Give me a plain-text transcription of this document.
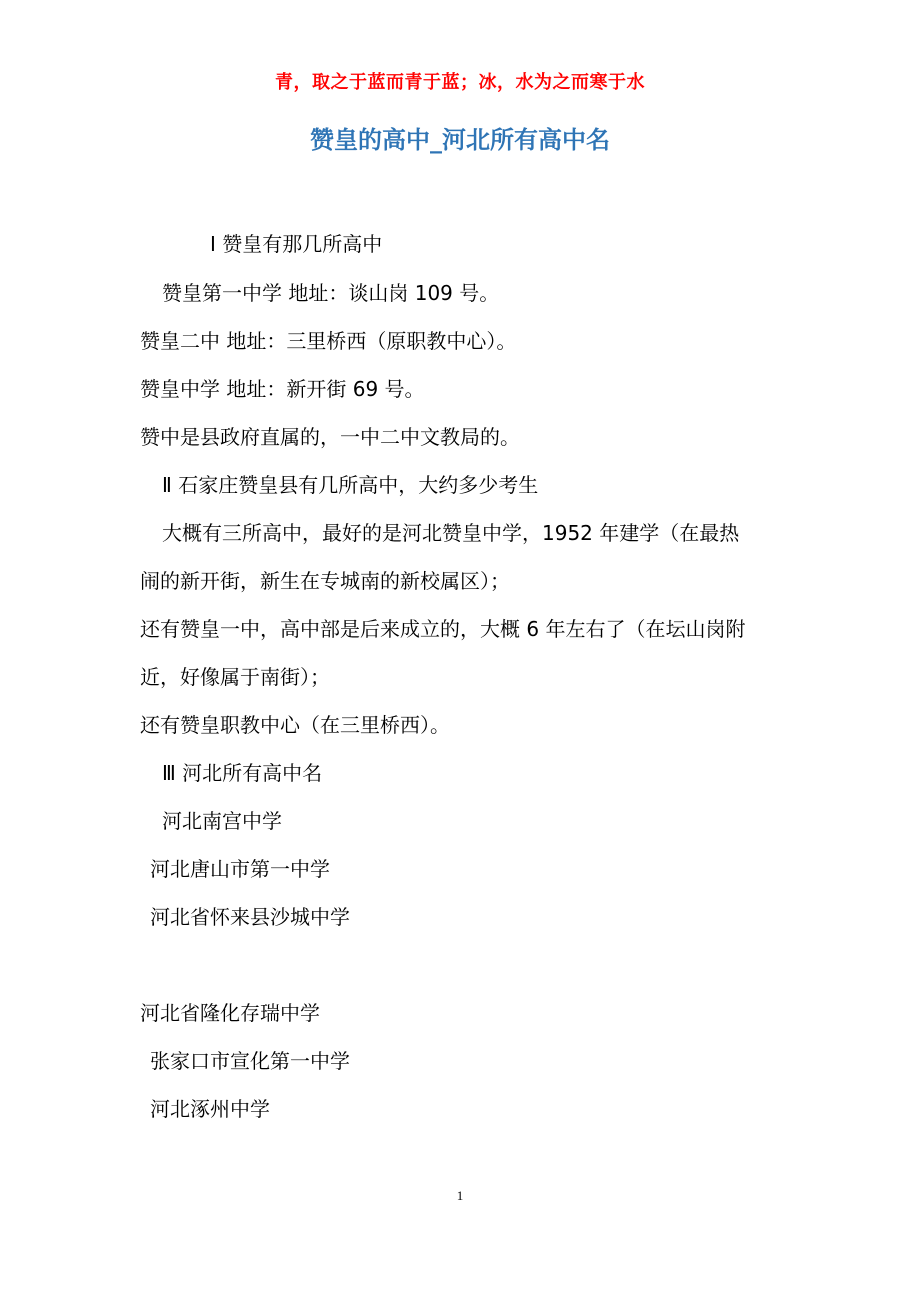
青，取之于蓝而青于蓝；冰，水为之而寒于水
赞皇的高中_河北所有高中名

Ⅰ 赞皇有那几所高中

赞皇第一中学 地址：谈山岗 109 号。

赞皇二中 地址：三里桥西（原职教中心）。

赞皇中学 地址：新开街 69 号。

赞中是县政府直属的，一中二中文教局的。

Ⅱ 石家庄赞皇县有几所高中，大约多少考生

大概有三所高中，最好的是河北赞皇中学，1952 年建学（在最热

闹的新开街，新生在专城南的新校属区）；

还有赞皇一中，高中部是后来成立的，大概 6 年左右了（在坛山岗附

近，好像属于南街）；

还有赞皇职教中心（在三里桥西）。

Ⅲ 河北所有高中名

河北南宫中学

河北唐山市第一中学

河北省怀来县沙城中学

河北省隆化存瑞中学

张家口市宣化第一中学

河北涿州中学

1
